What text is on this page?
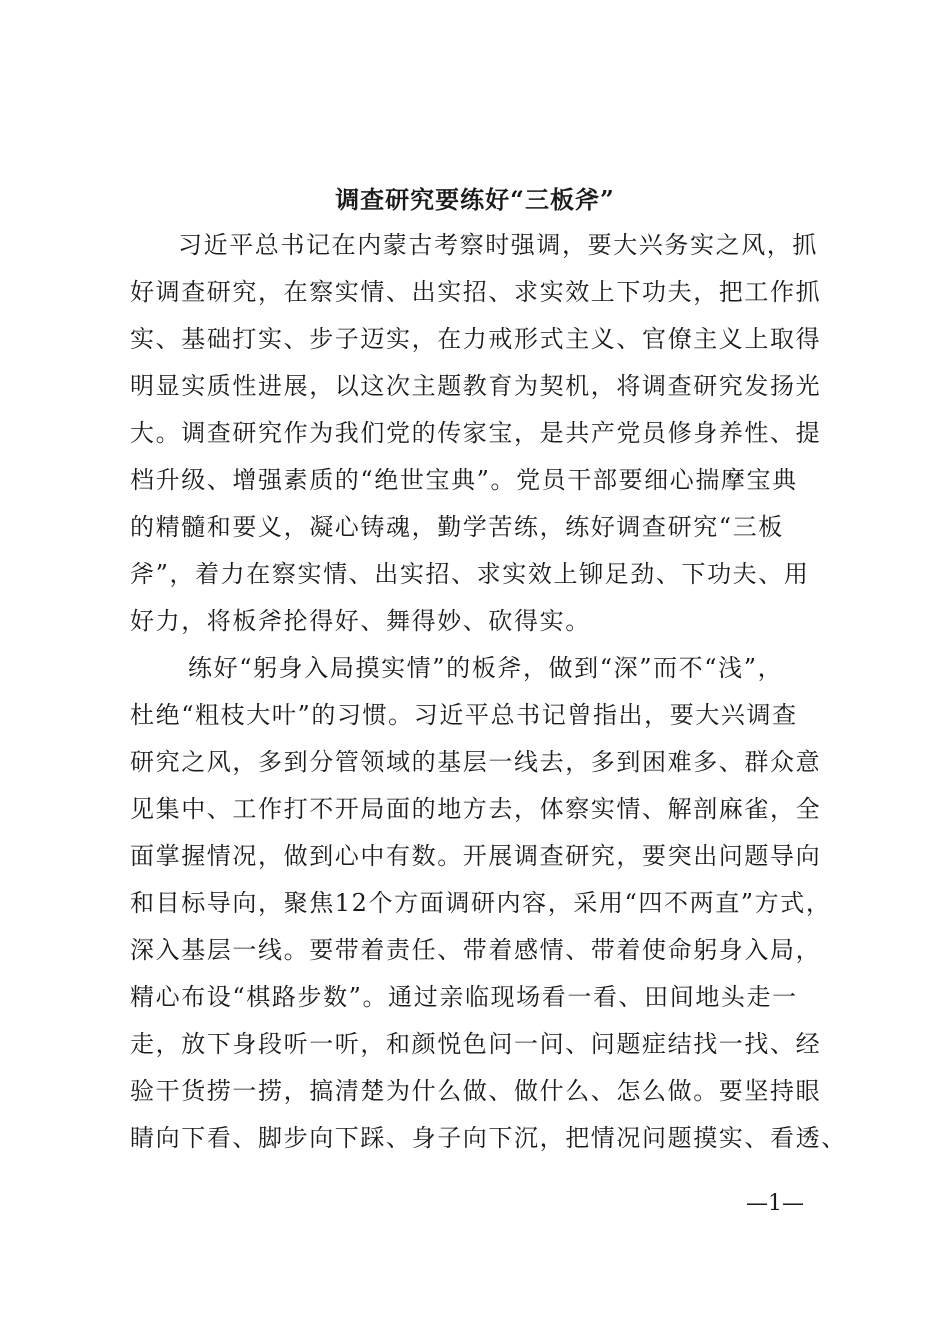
调查研究要练好“三板斧”
习近平总书记在内蒙古考察时强调，要大兴务实之风，抓
好调查研究，在察实情、出实招、求实效上下功夫，把工作抓
实、基础打实、步子迈实，在力戒形式主义、官僚主义上取得
明显实质性进展，以这次主题教育为契机，将调查研究发扬光
大。调查研究作为我们党的传家宝，是共产党员修身养性、提
档升级、增强素质的“绝世宝典”。党员干部要细心揣摩宝典
的精髓和要义，凝心铸魂，勤学苦练，练好调查研究“三板
斧”，着力在察实情、出实招、求实效上铆足劲、下功夫、用
好力，将板斧抡得好、舞得妙、砍得实。
练好“躬身入局摸实情”的板斧，做到“深”而不“浅”，
杜绝“粗枝大叶”的习惯。习近平总书记曾指出，要大兴调查
研究之风，多到分管领域的基层一线去，多到困难多、群众意
见集中、工作打不开局面的地方去，体察实情、解剖麻雀，全
面掌握情况，做到心中有数。开展调查研究，要突出问题导向
和目标导向，聚焦12个方面调研内容，采用“四不两直”方式，
深入基层一线。要带着责任、带着感情、带着使命躬身入局，
精心布设“棋路步数”。通过亲临现场看一看、田间地头走一
走，放下身段听一听，和颜悦色问一问、问题症结找一找、经
验干货捞一捞，搞清楚为什么做、做什么、怎么做。要坚持眼
睛向下看、脚步向下踩、身子向下沉，把情况问题摸实、看透、
—1—
